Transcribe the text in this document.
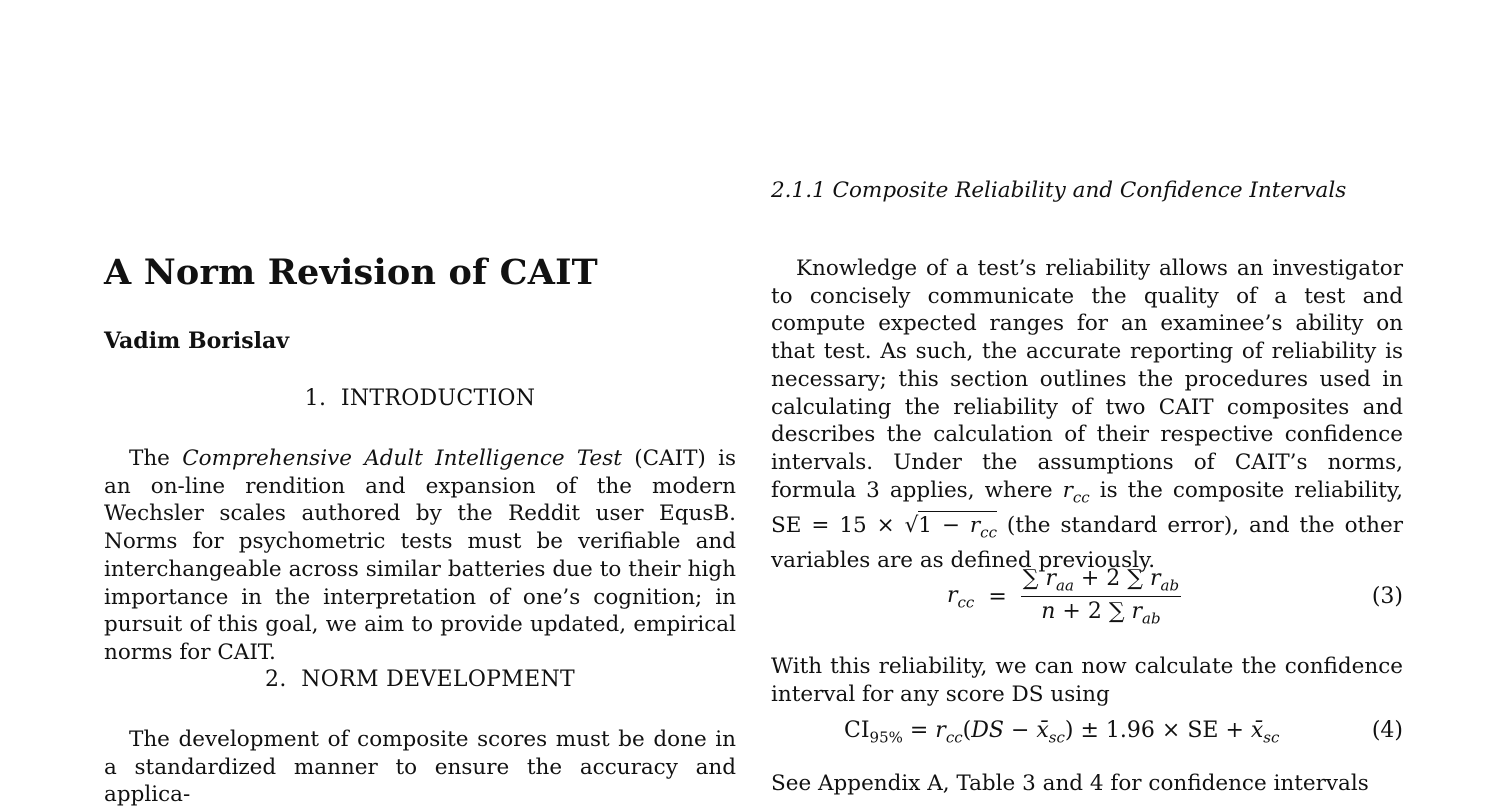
A Norm Revision of CAIT
Vadim Borislav
1. INTRODUCTION

The Comprehensive Adult Intelligence Test (CAIT) is an on-line rendition and expansion of the modern Wechsler scales authored by the Reddit user EqusB. Norms for psychometric tests must be verifiable and interchangeable across similar batteries due to their high importance in the interpretation of one’s cognition; in pursuit of this goal, we aim to provide updated, empirical norms for CAIT.

2. NORM DEVELOPMENT

The development of composite scores must be done in a standardized manner to ensure the accuracy and applica-

2.1.1 Composite Reliability and Confidence Intervals

Knowledge of a test’s reliability allows an investigator to concisely communicate the quality of a test and compute expected ranges for an examinee’s ability on that test. As such, the accurate reporting of reliability is necessary; this section outlines the procedures used in calculating the reliability of two CAIT composites and describes the calculation of their respective confidence intervals. Under the assumptions of CAIT’s norms, formula 3 applies, where $r_{cc}$ is the composite reliability, SE = $15 \times √1 - r_{cc}$ (the standard error), and the other variables are as defined previously.

$r_{cc} = \frac{\sum r_{aa} + 2 \sum r_{ab}}{n + 2 \sum r_{ab}}$	(3)

With this reliability, we can now calculate the confidence interval for any score DS using

$CI_{95\%} = r_{cc}(DS$ − $x̄_{sc}) \pm 1.96$ × SE + $x̄_{sc}$	(4)

See Appendix A, Table 3 and 4 for confidence intervals
